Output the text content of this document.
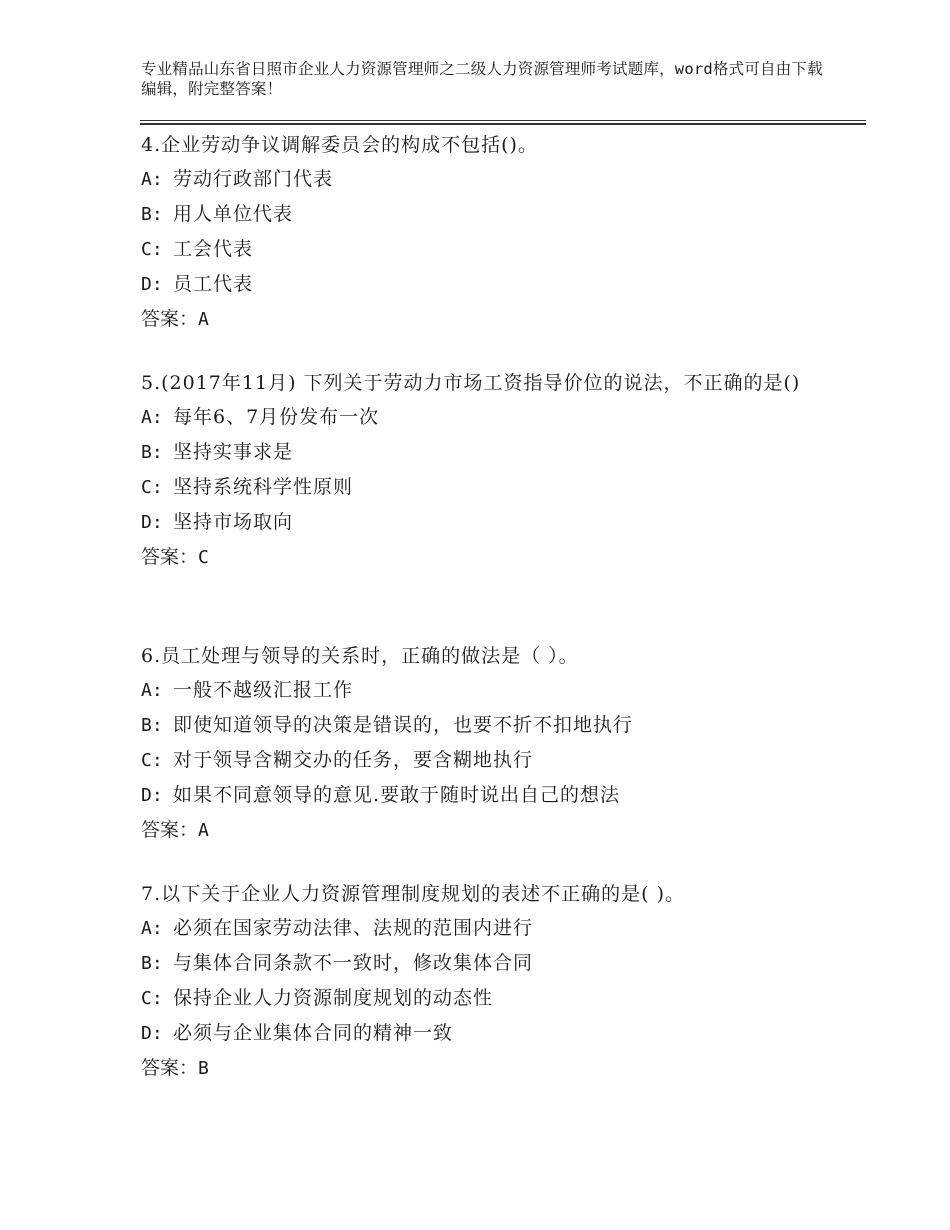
专业精品山东省日照市企业人力资源管理师之二级人力资源管理师考试题库，word格式可自由下载编辑，附完整答案！
4.企业劳动争议调解委员会的构成不包括()。
A: 劳动行政部门代表
B: 用人单位代表
C: 工会代表
D: 员工代表
答案：A
5.(2017年11月) 下列关于劳动力市场工资指导价位的说法，不正确的是()
A: 每年6、7月份发布一次
B: 坚持实事求是
C: 坚持系统科学性原则
D: 坚持市场取向
答案：C
6.员工处理与领导的关系时，正确的做法是（ ）。
A: 一般不越级汇报工作
B: 即使知道领导的决策是错误的，也要不折不扣地执行
C: 对于领导含糊交办的任务，要含糊地执行
D: 如果不同意领导的意见.要敢于随时说出自己的想法
答案：A
7.以下关于企业人力资源管理制度规划的表述不正确的是( )。
A: 必须在国家劳动法律、法规的范围内进行
B: 与集体合同条款不一致时，修改集体合同
C: 保持企业人力资源制度规划的动态性
D: 必须与企业集体合同的精神一致
答案：B
